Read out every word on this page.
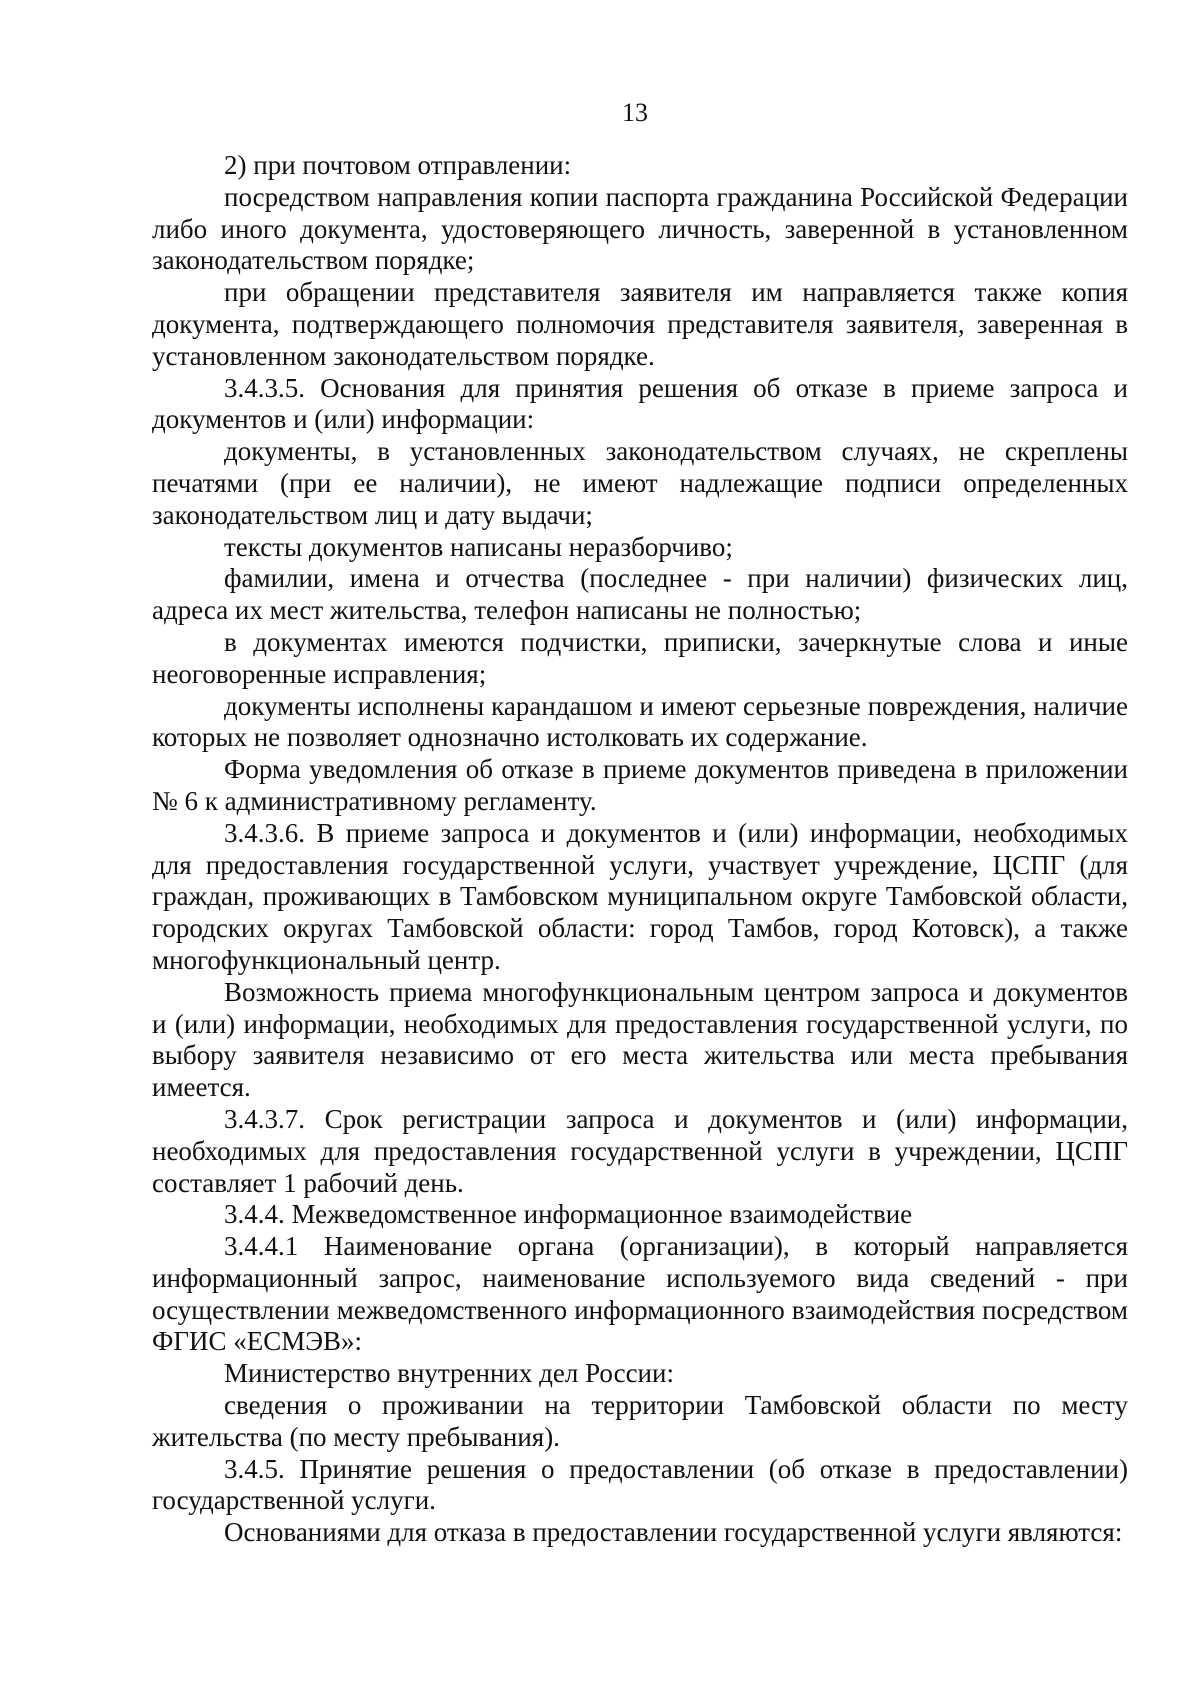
13

2) при почтовом отправлении:

посредством направления копии паспорта гражданина Российской Федерации либо иного документа, удостоверяющего личность, заверенной в установленном законодательством порядке;

при обращении представителя заявителя им направляется также копия документа, подтверждающего полномочия представителя заявителя, заверенная в установленном законодательством порядке.

3.4.3.5. Основания для принятия решения об отказе в приеме запроса и документов и (или) информации:

документы, в установленных законодательством случаях, не скреплены печатями (при ее наличии), не имеют надлежащие подписи определенных законодательством лиц и дату выдачи;

тексты документов написаны неразборчиво;

фамилии, имена и отчества (последнее - при наличии) физических лиц, адреса их мест жительства, телефон написаны не полностью;

в документах имеются подчистки, приписки, зачеркнутые слова и иные неоговоренные исправления;

документы исполнены карандашом и имеют серьезные повреждения, наличие которых не позволяет однозначно истолковать их содержание.

Форма уведомления об отказе в приеме документов приведена в приложении № 6 к административному регламенту.

3.4.3.6. В приеме запроса и документов и (или) информации, необходимых для предоставления государственной услуги, участвует учреждение, ЦСПГ (для граждан, проживающих в Тамбовском муниципальном округе Тамбовской области, городских округах Тамбовской области: город Тамбов, город Котовск), а также многофункциональный центр.

Возможность приема многофункциональным центром запроса и документов и (или) информации, необходимых для предоставления государственной услуги, по выбору заявителя независимо от его места жительства или места пребывания имеется.

3.4.3.7. Срок регистрации запроса и документов и (или) информации, необходимых для предоставления государственной услуги в учреждении, ЦСПГ составляет 1 рабочий день.

3.4.4. Межведомственное информационное взаимодействие

3.4.4.1 Наименование органа (организации), в который направляется информационный запрос, наименование используемого вида сведений - при осуществлении межведомственного информационного взаимодействия посредством ФГИС «ЕСМЭВ»:

Министерство внутренних дел России:

сведения о проживании на территории Тамбовской области по месту жительства (по месту пребывания).

3.4.5. Принятие решения о предоставлении (об отказе в предоставлении) государственной услуги.

Основаниями для отказа в предоставлении государственной услуги являются:
